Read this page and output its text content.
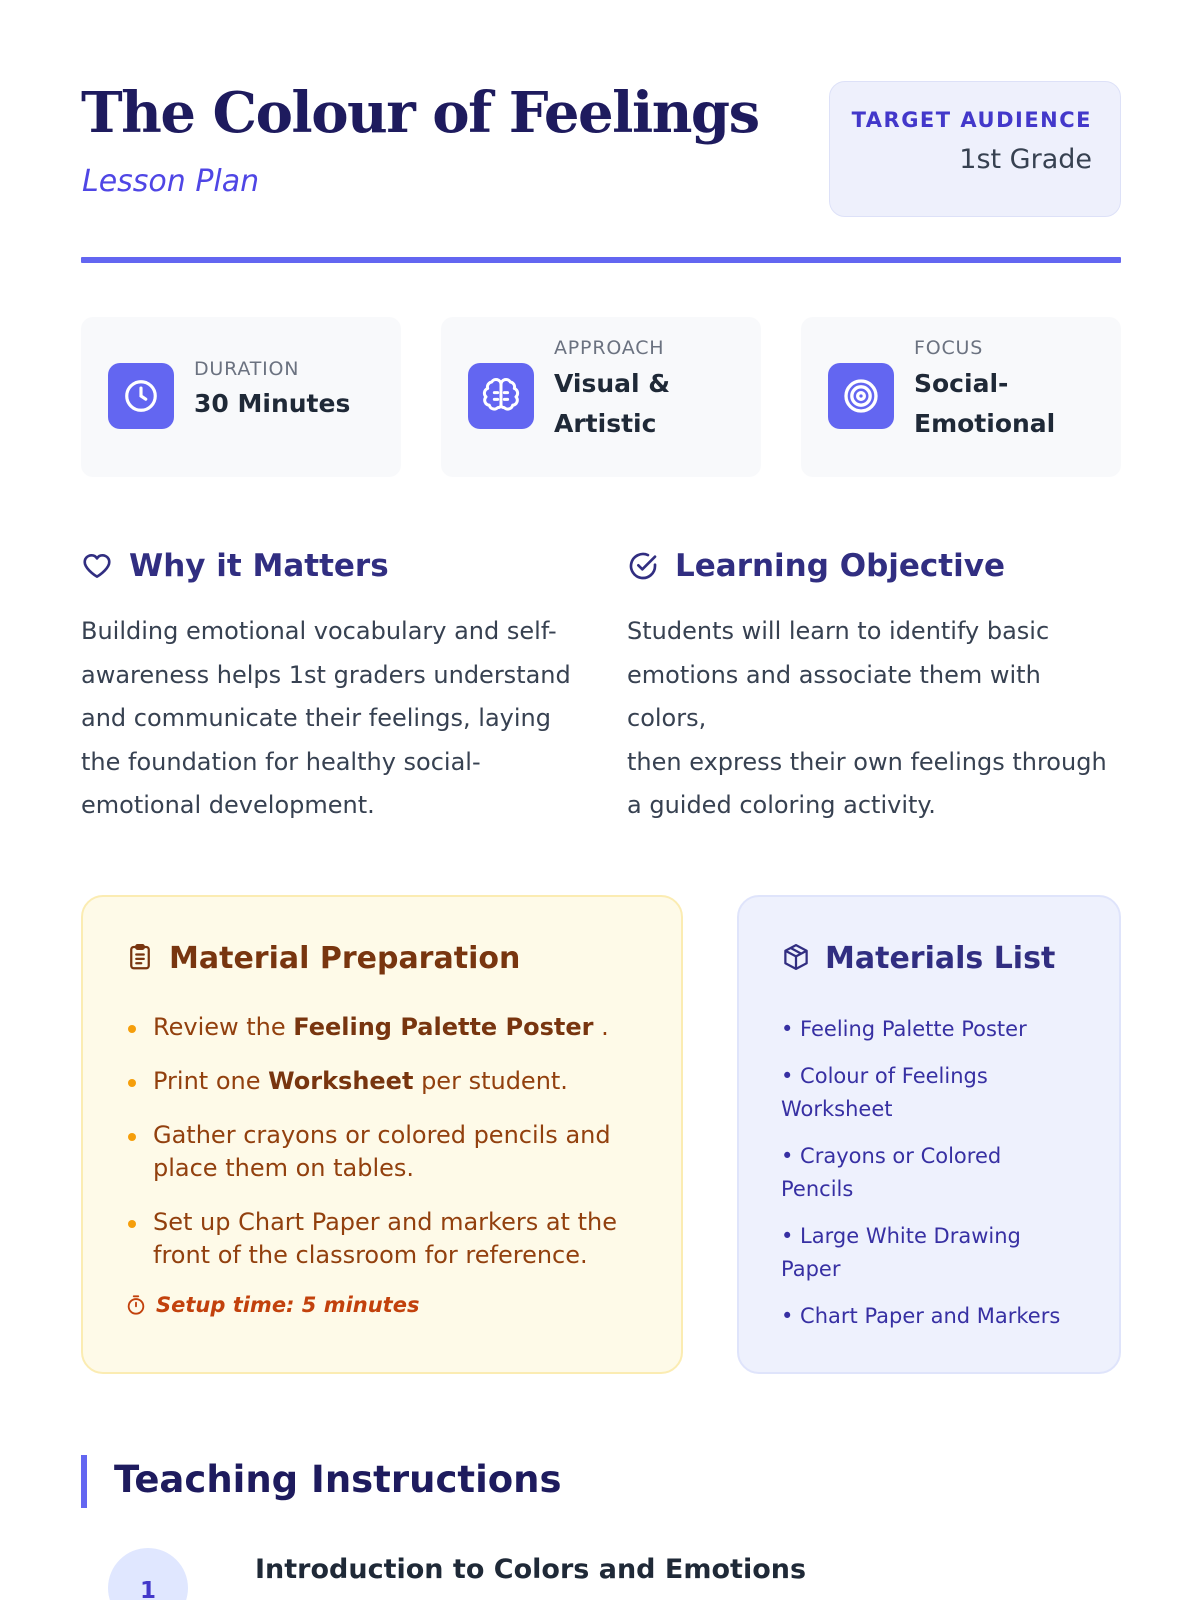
The Colour of Feelings
Lesson Plan
TARGET AUDIENCE
1st Grade
DURATION
30 Minutes
APPROACH
Visual &
Artistic
FOCUS
Social-
Emotional
Why it Matters
Building emotional vocabulary and self-
awareness helps 1st graders understand
and communicate their feelings, laying
the foundation for healthy social-
emotional development.
Learning Objective
Students will learn to identify basic
emotions and associate them with colors,
then express their own feelings through
a guided coloring activity.
Material Preparation
Review the Feeling Palette Poster .
Print one Worksheet per student.
Gather crayons or colored pencils and
place them on tables.
Set up Chart Paper and markers at the
front of the classroom for reference.
Setup time: 5 minutes
Materials List
• Feeling Palette Poster
• Colour of Feelings
Worksheet
• Crayons or Colored
Pencils
• Large White Drawing
Paper
• Chart Paper and Markers
Teaching Instructions
1
Introduction to Colors and Emotions
